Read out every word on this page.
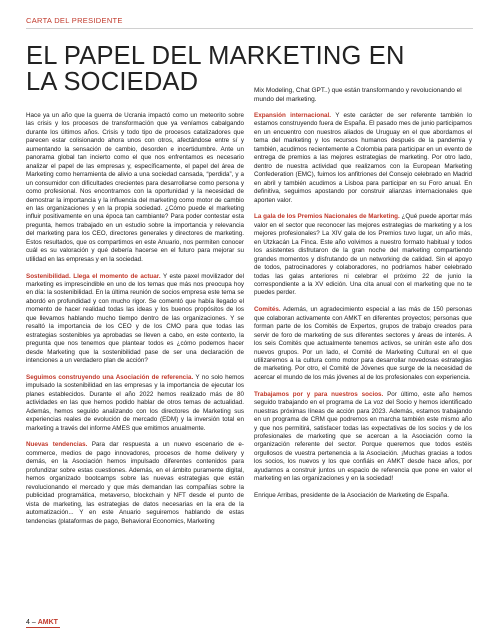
CARTA DEL PRESIDENTE
EL PAPEL DEL MARKETING EN
LA SOCIEDAD	Mix Modeling, Chat GPT..) que están transformando y revolucionando el mundo del marketing.

Hace ya un año que la guerra de Ucrania impactó como un meteorito sobre las crisis y los procesos de transformación que ya veníamos cabalgando durante los últimos años. Crisis y todo tipo de procesos catalizadores que parecen estar colisionando ahora unos con otros, afectándose entre sí y aumentando la sensación de cambio, desorden e incertidumbre. Ante un panorama global tan incierto como el que nos enfrentamos es necesario analizar el papel de las empresas y, específicamente, el papel del área de Marketing como herramienta de alivio a una sociedad cansada, “perdida”, y a un consumidor con dificultades crecientes para desarrollarse como persona y como profesional. Nos encontramos con la oportunidad y la necesidad de demostrar la importancia y la influencia del marketing como motor de cambio en las organizaciones y en la propia sociedad. ¿Cómo puede el marketing influir positivamente en una época tan cambiante? Para poder contestar esta pregunta, hemos trabajado en un estudio sobre la importancia y relevancia del marketing para los CEO, directores generales y directores de marketing. Estos resultados, que os compartimos en este Anuario, nos permiten conocer cuál es su valoración y qué debería hacerse en el futuro para mejorar su utilidad en las empresas y en la sociedad.

Sostenibilidad. Llega el momento de actuar. Y este paxel movilizador del marketing es imprescindible en uno de los temas que más nos preocupa hoy en día: la sostenibilidad. En la última reunión de socios empresa este tema se abordó en profundidad y con mucho rigor. Se comentó que había llegado el momento de hacer realidad todas las ideas y los buenos propósitos de los que llevamos hablando mucho tiempo dentro de las organizaciones. Y se resaltó la importancia de los CEO y de los CMO para que todas las estrategias sostenibles ya aprobadas se lleven a cabo, en este contexto, la pregunta que nos tenemos que plantear todos es ¿cómo podemos hacer desde Marketing que la sostenibilidad pase de ser una declaración de intenciones a un verdadero plan de acción?

Seguimos construyendo una Asociación de referencia. Y no solo hemos impulsado la sostenibilidad en las empresas y la importancia de ejecutar los planes establecidos. Durante el año 2022 hemos realizado más de 80 actividades en las que hemos podido hablar de otros temas de actualidad. Además, hemos seguido analizando con los directores de Marketing sus experiencias reales de evolución de mercado (EDM) y la inversión total en marketing a través del informe AMES que emitimos anualmente.

Nuevas tendencias. Para dar respuesta a un nuevo escenario de e-commerce, medios de pago innovadores, procesos de home delivery y demás, en la Asociación hemos impulsado diferentes contenidos para profundizar sobre estas cuestiones. Además, en el ámbito puramente digital, hemos organizado bootcamps sobre las nuevas estrategias que están revolucionando el mercado y que más demandan las compañías sobre la publicidad programática, metaverso, blockchain y NFT desde el punto de vista de marketing, las estrategias de datos necesarias en la era de la automatización... Y en este Anuario seguiremos hablando de estas tendencias (plataformas de pago, Behavioral Economics, Marketing

Expansión internacional. Y este carácter de ser referente también lo estamos construyendo fuera de España. El pasado mes de junio participamos en un encuentro con nuestros aliados de Uruguay en el que abordamos el tema del marketing y los recursos humanos después de la pandemia y también, acudimos recientemente a Colombia para participar en un evento de entrega de premios a las mejores estrategias de marketing. Por otro lado, dentro de nuestra actividad que realizamos con la European Marketing Confederation (EMC), fuimos los anfitriones del Consejo celebrado en Madrid en abril y también acudimos a Lisboa para participar en su Foro anual. En definitiva, seguimos apostando por construir alianzas internacionales que aporten valor.

La gala de los Premios Nacionales de Marketing. ¿Qué puede aportar más valor en el sector que reconocer las mejores estrategias de marketing y a los mejores profesionales? La XIV gala de los Premios tuvo lugar, un año más, en Utzkacán La Finca. Este año volvimos a nuestro formato habitual y todos los asistentes disfrutaron de la gran noche del marketing compartiendo grandes momentos y disfrutando de un networking de calidad. Sin el apoyo de todos, patrocinadores y colaboradores, no podríamos haber celebrado todas las galas anteriores ni celebrar el próximo 22 de junio la correspondiente a la XV edición. Una cita anual con el marketing que no te puedes perder.

Comités. Además, un agradecimiento especial a las más de 150 personas que colaboran activamente con AMKT en diferentes proyectos; personas que forman parte de los Comités de Expertos, grupos de trabajo creados para servir de foro de marketing de sus diferentes sectores y áreas de interés. A los seis Comités que actualmente tenemos activos, se unirán este año dos nuevos grupos. Por un lado, el Comité de Marketing Cultural en el que utilizaremos a la cultura como motor para desarrollar novedosas estrategias de marketing. Por otro, el Comité de Jóvenes que surge de la necesidad de acercar el mundo de los más jóvenes al de los profesionales con experiencia.

Trabajamos por y para nuestros socios. Por último, este año hemos seguido trabajando en el programa de La voz del Socio y hemos identificado nuestras próximas líneas de acción para 2023. Además, estamos trabajando en un programa de CRM que podremos en marcha también este mismo año y que nos permitirá, satisfacer todas las expectativas de los socios y de los profesionales de marketing que se acercan a la Asociación como la organización referente del sector. Porque queremos que todos estéis orgullosos de vuestra pertenencia a la Asociación. ¡Muchas gracias a todos los socios, los nuevos y los que confiáis en AMKT desde hace años, por ayudarnos a construir juntos un espacio de referencia que pone en valor el marketing en las organizaciones y en la sociedad!

Enrique Arribas, presidente de la Asociación de Marketing de España.

4 – AMKT
